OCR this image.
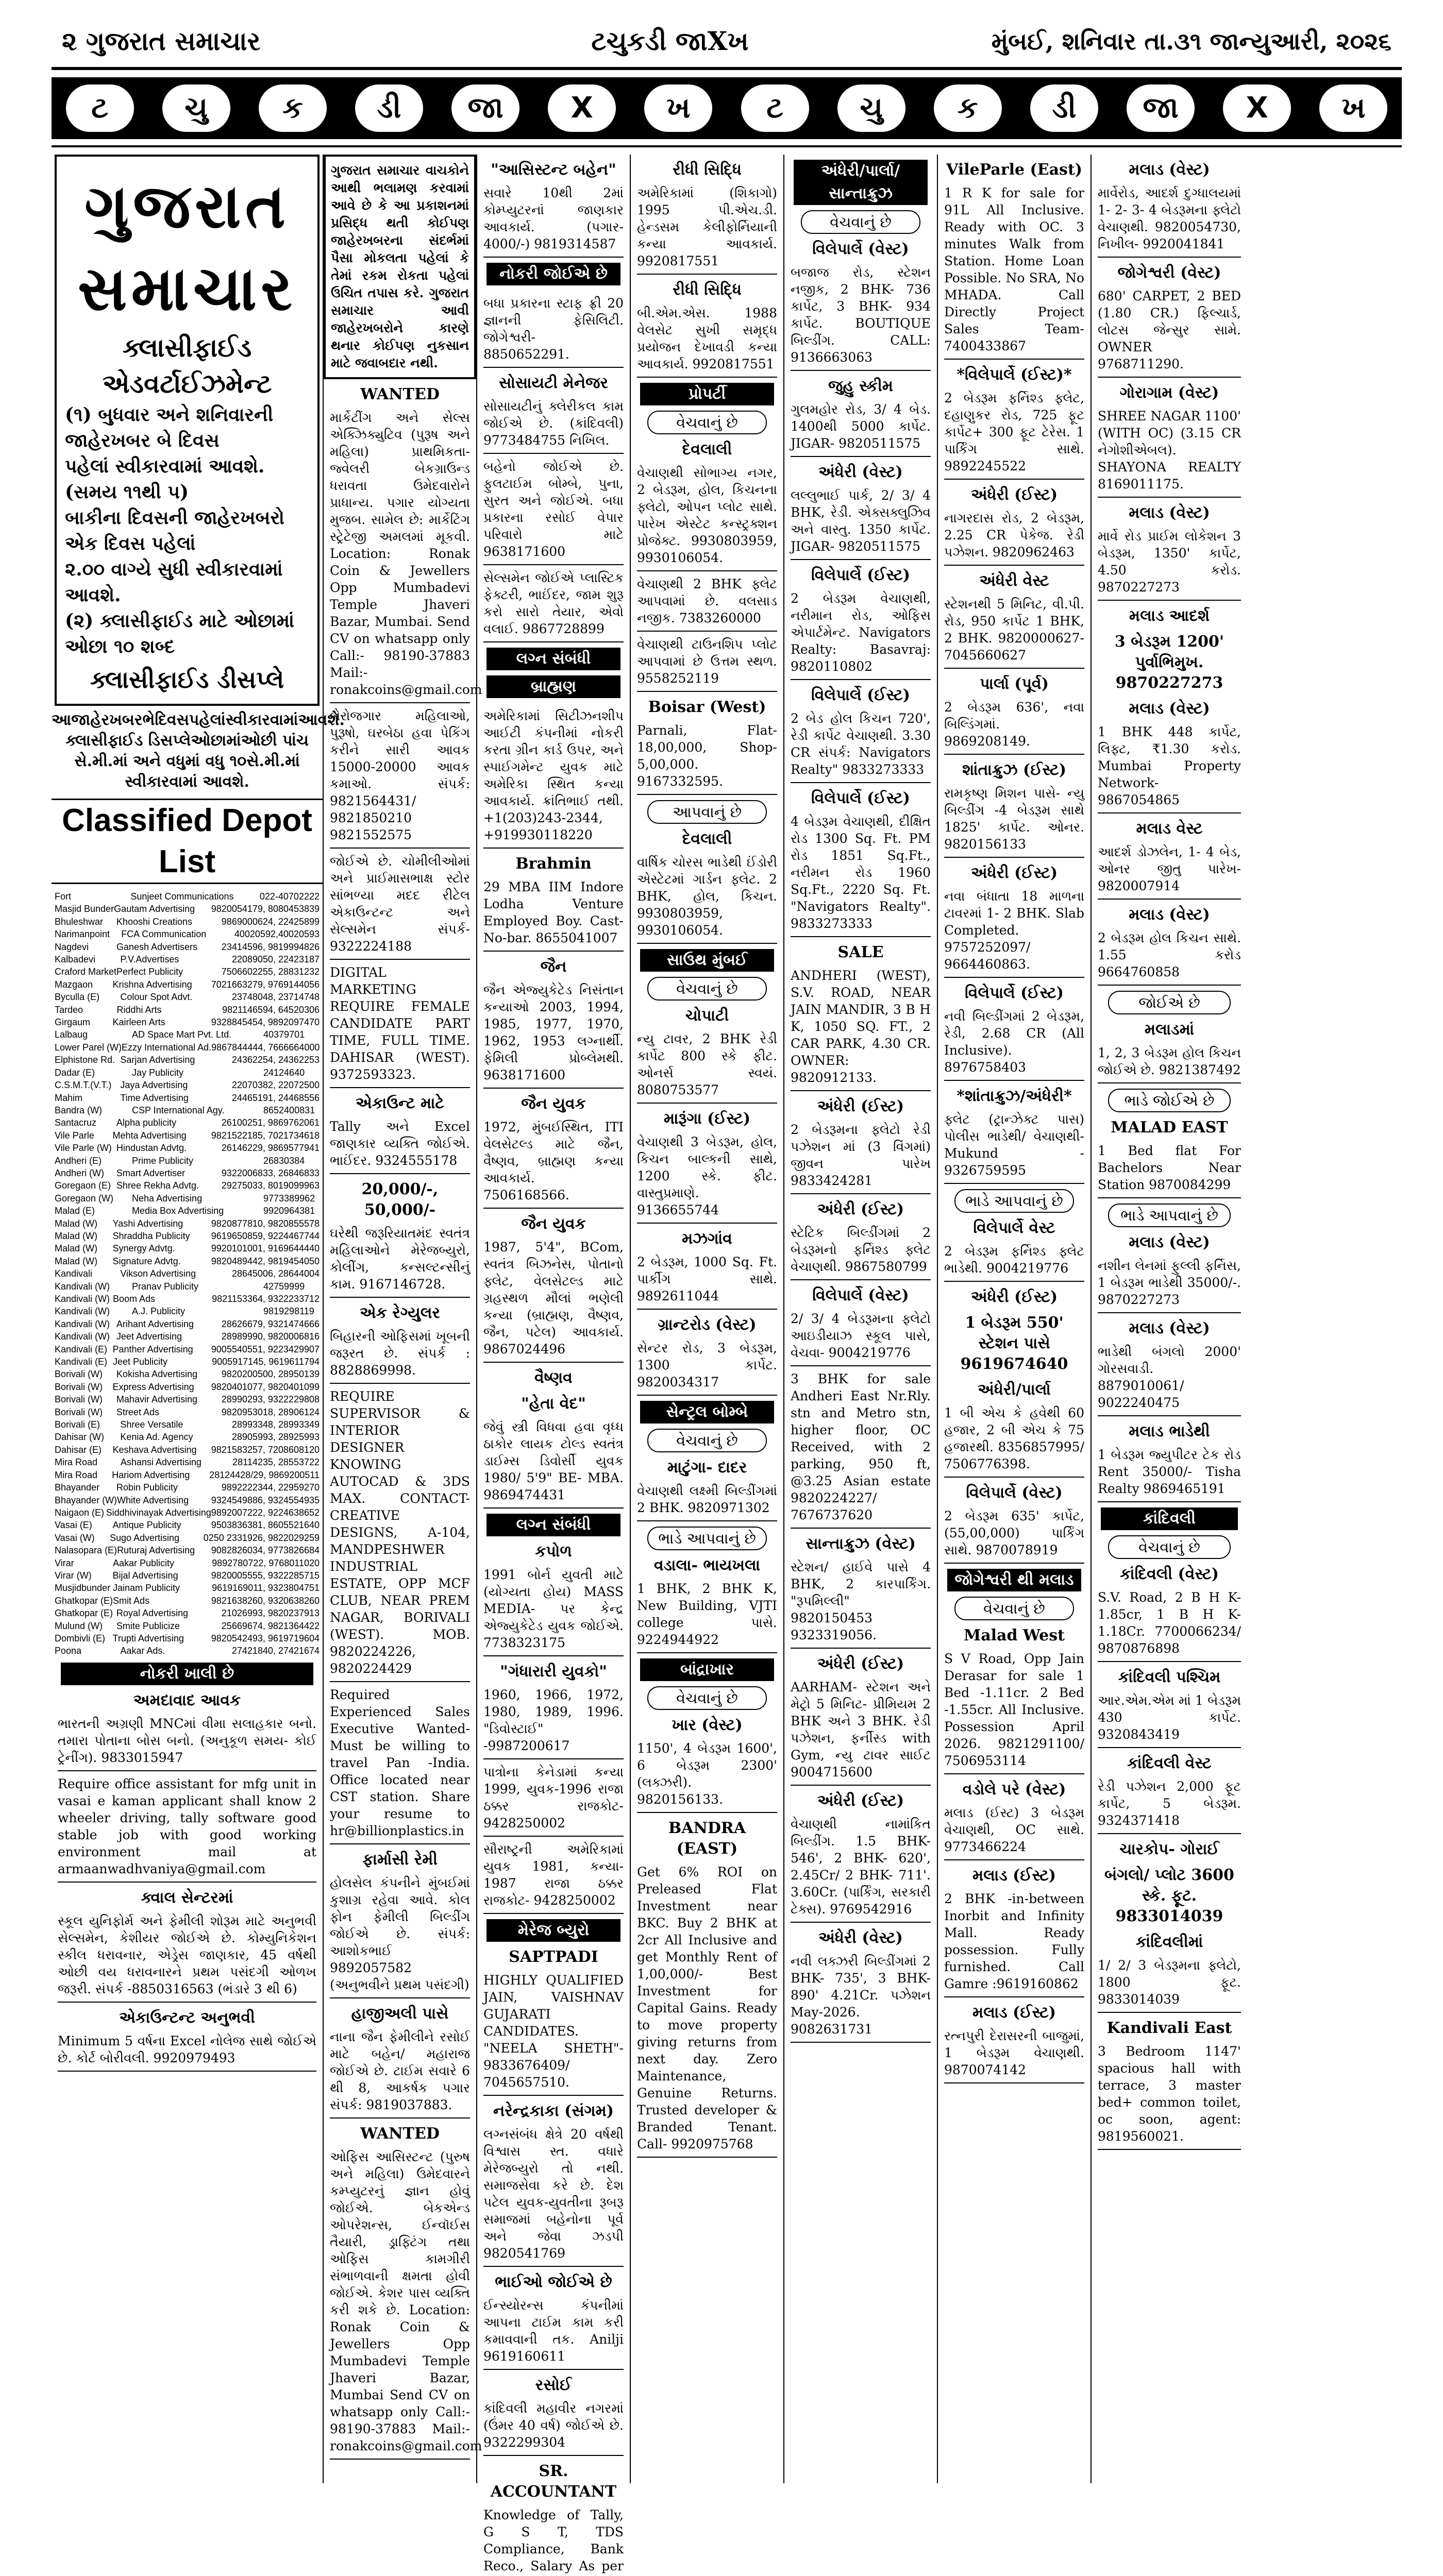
૨ ગુજરાત સમાચાર	ટચુકડી જાXખ	મુંબઈ, શનિવાર તા.૩૧ જાન્યુઆરી, ૨૦૨૬
ટ	ચુ	ક	ડી	જા	X	ખ	ટ	ચુ	ક	ડી	જા	X	ખ
ગુજરાત સમાચાર
ક્લાસીફાઈડ એડવર્ટાઈઝમેન્ટ
(૧) બુધવાર અને શનિવારની જાહેરખબર બે દિવસ
પહેલાં સ્વીકારવામાં આવશે. (સમય ૧૧થી ૫)
બાકીના દિવસની જાહેરખબરો એક દિવસ પહેલાં
૨.૦૦ વાગ્યે સુધી સ્વીકારવામાં આવશે.
(૨) ક્લાસીફાઈડ માટે ઓછામાં ઓછા ૧૦ શબ્દ
ક્લાસીફાઈડ ડીસપ્લે
આજાહેરખબરભેદિવસપહેલાંસ્વીકારવામાંઆવશે. ક્લાસીફાઈડ ડિસપ્લેઓછામાંઓછી પાંચ સે.મી.માં અને વધુમાં વધુ ૧૦સે.મી.માં સ્વીકારવામાં આવશે.
Classified Depot List
Fort	Sunjeet Communications	022-40702222
Masjid Bunder Gautam Advertising	9820054179, 8080453839
Bhuleshwar	Khooshi Creations	9869000624, 22425899
Narimanpoint	FCA Communication	40020592,40020593
Nagdevi	Ganesh Advertisers	23414596, 9819994826
Kalbadevi	P.V.Advertises	22089050, 22423187
Craford Market Perfect Publicity	7506602255, 28831232
Mazgaon	Krishna Advertising	7021663279, 9769144056
Byculla (E)	Colour Spot Advt.	23748048, 23714748
Tardeo	Riddhi Arts	9821146594, 64520306
Girgaum	Kairleen Arts	9328845454, 9892097470
Lalbaug	AD Space Mart Pvt. Ltd.	40379701
Lower Parel (W) Ezzy International Ad. 9867844444, 7666664000
Elphistone Rd. Sarjan Advertising	24362254, 24362253
Dadar (E)	Jay Publicity	24124640
C.S.M.T.(V.T.) Jaya Advertising	22070382, 22072500
Mahim	Time Advertising	24465191, 24468556
Bandra (W)	CSP International Agy.	8652400831
Santacruz	Alpha publicity	26100251, 9869762061
Vile Parle	Mehta Advertising	9821522185, 7021734618
Vile Parle (W) Hindustan Advtg.	26146229, 9869577941
Andheri (E)	Prime Publicity	26830384
Andheri (W)	Smart Advertiser	9322006833, 26846833
Goregaon (E) Shree Rekha Advtg.	29275033, 8019099963
Goregaon (W)	Neha Advertising	9773389962
Malad (E)	Media Box Advertising	9920964381
Malad (W)	Yashi Advertising	9820877810, 9820855578
Malad (W)	Shraddha Publicity	9619650859, 9224467744
Malad (W)	Synergy Advtg.	9920101001, 9169644440
Malad (W)	Signature Advtg.	9820489442, 9819454050
Kandivali	Vikson Advertising	28645006, 28644004
Kandivali (W)	Pranav Publicity	42759999
Kandivali (W) Boom Ads	9821153364, 9322233712
Kandivali (W)	A.J. Publicity	9819298119
Kandivali (W) Arihant Advertising	28626679, 9321474666
Kandivali (W) Jeet Advertising	28989990, 9820006816
Kandivali (E) Panther Advertising	9005540551, 9223429907
Kandivali (E) Jeet Publicity	9005917145, 9619611794
Borivali (W)	Kokisha Advertising	9820200500, 28950139
Borivali (W)	Express Advertising	9820401077, 9820401099
Borivali (W)	Mahavir Advertising	28990293, 9322229808
Borivali (W)	Street Ads	9820953018, 28906124
Borivali (E)	Shree Versatile	28993348, 28993349
Dahisar (W)	Kenia Ad. Agency	28905993, 28925993
Dahisar (E)	Keshava Advertising	9821583257, 7208608120
Mira Road	Ashansi Advertising	28114235, 28553722
Mira Road	Hariom Advertising	28124428/29, 9869200511
Bhayander	Robin Publicity	9892222344, 22959270
Bhayander (W) White Advertising	9324549886, 9324554935
Naigaon (E) Siddhivinayak Advertising 9892007222, 9224638652
Vasai (E)	Antique Publicity	9503836381, 8605521640
Vasai (W)	Sugo Advertising	0250 2331926, 9822029259
Nalasopara (E) Ruturaj Advertising	9082826034, 9773826684
Virar	Aakar Publicity	9892780722, 9768011020
Virar (W)	Bijal Advertising	9820005555, 9322285715
Musjidbunder Jainam Publicity	9619169011, 9323804751
Ghatkopar (E) Smit Ads	9821638260, 9320638260
Ghatkopar (E) Royal Advertising	21026993, 9820237913
Mulund (W)	Smite Publicize	25669674, 9821364422
Dombivli (E) Trupti Advertising	9820542493, 9619719604
Poona	Aakar Ads.	27421840, 27421674
નોકરી ખાલી છે
અમદાવાદ આવક
ભારતની અગ્રણી MNCમાં વીમા સલાહકાર બનો. તમારા પોતાના બોસ બનો. (અનુકૂળ સમય- કોઈ ટ્રેનીંગ). 9833015947
Require office assistant for mfg unit in vasai e kaman applicant shall know 2 wheeler driving, tally software good stable job with good working environment mail at armaanwadhvaniya@gmail.com
ક્વાલ સેન્ટરમાં
સ્કૂલ યુનિફોર્મ અને ફેમીલી શોરૂમ માટે અનુભવી સેલ્સમેન, કેશીયર જોઈએ છે. કોમ્યુનિકેશન સ્કીલ ધરાવનાર, એડ્રેસ જાણકાર, 45 વર્ષથી ઓછી વય ધરાવનારને પ્રથમ પસંદગી ઓળખ જરૂરી. સંપર્ક -8850316563 (ભંડારે 3 થી 6)
એકાઉન્ટન્ટ અનુભવી
Minimum 5 વર્ષના Excel નોલેજ સાથે જોઈએ છે. કોર્ટ બોરીવલી. 9920979493
ગુજરાત સમાચાર વાચકોને આથી ભલામણ કરવામાં આવે છે કે આ પ્રકાશનમાં પ્રસિદ્ધ થતી કોઈપણ જાહેરખબરના સંદર્ભમાં પૈસા મોકલતા પહેલાં કે તેમાં રકમ રોકતા પહેલાં ઉચિત તપાસ કરે. ગુજરાત સમાચાર આવી જાહેરખબરોને કારણે થનાર કોઈપણ નુકસાન માટે જવાબદાર નથી.
WANTED
માર્કેટીંગ અને સેલ્સ એક્ઝિક્યુટિવ (પુરૂષ અને મહિલા) પ્રાથમિકતા-જ્વેલરી બેકગ્રાઉન્ડ ધરાવતા ઉમેદવારોને પ્રાધાન્ય. પગાર યોગ્યતા મુજબ. સામેલ છે: માર્કેટિંગ સ્ટ્રેટેજી અમલમાં મૂકવી. Location: Ronak Coin & Jewellers Opp Mumbadevi Temple Jhaveri Bazar, Mumbai. Send CV on whatsapp only Call:- 98190-37883 Mail:- ronakcoins@gmail.com
બેરોજગાર મહિલાઓ, પુરૂષો, ઘરબેઠા હવા પેકિંગ કરીને સારી આવક 15000-20000 આવક કમાઓ. સંપર્ક: 9821564431/ 9821850210 9821552575
જોઈએ છે. ચોમીલીઓમાં અને પ્રાઈમાસભાક્ષ સ્ટોર સાંભળ્યા મદદ રીટેલ એકાઉન્ટન્ટ અને સેલ્સમેન સંપર્ક- 9322224188
DIGITAL MARKETING REQUIRE FEMALE CANDIDATE PART TIME, FULL TIME. DAHISAR (WEST). 9372593323.
એકાઉન્ટ માટે
Tally અને Excel જાણકાર વ્યક્તિ જોઈએ. ભાઈંદર. 9324555178
20,000/-, 50,000/-
ઘરેથી જરૂરિયાતમંદ સ્વતંત્ર મહિલાઓને મેરેજબ્યુરો, કોલીંગ, કન્સલ્ટન્સીનું કામ. 9167146728.
એક રેગ્યુલર
બિહારની ઓફિસમાં ખૂબની જરૂરત છે. સંપર્ક : 8828869998.
REQUIRE SUPERVISOR & INTERIOR DESIGNER KNOWING AUTOCAD & 3DS MAX. CONTACT- CREATIVE DESIGNS, A-104, MANDPESHWER INDUSTRIAL ESTATE, OPP MCF CLUB, NEAR PREM NAGAR, BORIVALI (WEST). MOB. 9820224226, 9820224429
Required Experienced Sales Executive Wanted- Must be willing to travel Pan -India. Office located near CST station. Share your resume to hr@billionplastics.in
ફાર્માસી રેમી
હોલસેલ કંપનીને મુંબઈમાં કુશાગ્ર રહેવા આવે. કોલ ફોન ફેમીલી બિલ્ડીંગ જોઈએ છે. સંપર્ક: આશોકભાઈ 9892057582 (અનુભવીને પ્રથમ પસંદગી)
હાજીઅલી પાસે
નાના જૈન ફેમીલીને રસોઈ માટે બહેન/ મહારાજ જોઈએ છે. ટાઈમ સવારે 6 થી 8, આકર્ષક પગાર સંપર્ક: 9819037883.
WANTED
ઓફિસ આસિસ્ટન્ટ (પુરુષ અને મહિલા) ઉમેદવારને કમ્પ્યુટરનું જ્ઞાન હોવું જોઈએ. બેકએન્ડ ઓપરેશન્સ, ઈન્વૉઈસ તૈયારી, ડ્રાફ્ટિંગ તથા ઓફિસ કામગીરી સંભાળવાની ક્ષમતા હોવી જોઈએ. કેશર પાસ વ્યક્તિ કરી શકે છે. Location: Ronak Coin & Jewellers Opp Mumbadevi Temple Jhaveri Bazar, Mumbai Send CV on whatsapp only Call:- 98190-37883 Mail:- ronakcoins@gmail.com
"આસિસ્ટન્ટ બહેન"
સવારે 10થી 2માં કોમ્પ્યુટરનાં જાણકાર આવકાર્ય. (પગાર- 4000/-) 9819314587
નોકરી જોઈએ છે
બધા પ્રકારના સ્ટાફ ફ્રી 20 જ્ઞાનની ફેસિલિટી. જોગેશ્વરી- 8850652291.
સોસાયટી મેનેજર
સોસાયટીનું ક્લેરીકલ કામ જોઈએ છે. (કાંદિવલી) 9773484755 નિખિલ.
બહેનો જોઈએ છે. ફુલટાઈમ બોમ્બે, પુના, સુરત અને જોઈએ. બધા પ્રકારના રસોઈ વેપાર પરિવારો માટે 9638171600
સેલ્સમેન જોઈએ પ્લાસ્ટિક ફેક્ટરી, ભાઈંદર, જામ શુરૂ કરો સારો તેયાર, એવો વલાઈ. 9867728899
લગ્ન સંબંધી
બ્રાહ્મણ
અમેરિકામાં સિટીઝનશીપ આઈટી કંપનીમાં નોકરી કરતા ગ્રીન કાર્ડ ઉપર, અને સ્પાઈગમેન્ટ યુવક માટે અમેરિકા સ્થિત કન્યા આવકાર્ય. ક્રાંતિભાઈ તથી. +1(203)243-2344, +919930118220
Brahmin
29 MBA IIM Indore Lodha Venture Employed Boy. Cast-No-bar. 8655041007
જૈન
જૈન એજ્યુકેટેડ નિસંતાન કન્યાઓ 2003, 1994, 1985, 1977, 1970, 1962, 1953 લગ્નાર્થી. ફેમિલી પ્રોબ્લેમથી. 9638171600
જૈન યુવક
1972, મુંબઈસ્થિત, ITI વેલસેટલ્ડ માટે જૈન, વૈષ્ણવ, બ્રાહ્મણ કન્યા આવકાર્ય. 7506168566.
જૈન યુવક
1987, 5'4", BCom, સ્વતંત્ર બિઝનેસ, પોતાનો ફ્લેટ, વેલસેટલ્ડ માટે ગ્રહસ્થળ મૌલાં ભણેલી કન્યા (બ્રાહ્મણ, વૈષ્ણવ, જૈન, પટેલ) આવકાર્ય. 9867024496
વૈષ્ણવ
"હેતા વેદ"
જેવું સ્ત્રી વિધવા હવા વૃધ્ધ ઠાકોર લાયક ટોલ્ડ સ્વતંત્ર ડાઈમ્સ ડિવોર્સી યુવક 1980/ 5'9" BE- MBA. 9869474431
લગ્ન સંબંધી
કપોળ
1991 બોર્ન યુવતી માટે (યોગ્યતા હોય) MASS MEDIA- પર કેન્દ્ર એજ્યુકેટેડ યુવક જોઈએ. 7738323175
"ગંધારારી યુવકો"
1960, 1966, 1972, 1980, 1989, 1996. "ડિવોસ્ટાઈ" -9987200617
પાત્રોના કેનેડામાં કન્યા 1999, યુવક-1996 રાજા ઠક્કર રાજકોટ- 9428250002
સૌરાષ્ટ્રની અમેરિકામાં યુવક 1981, કન્યા- 1987 રાજા ઠક્કર રાજકોટ- 9428250002
મેરેજ બ્યુરો
SAPTPADI
HIGHLY QUALIFIED JAIN, VAISHNAV GUJARATI CANDIDATES. "NEELA SHETH"- 9833676409/ 7045657510.
નરેન્દ્રકાકા (સંગમ)
લગ્નસંબંધ ક્ષેત્રે 20 વર્ષથી વિશ્વાસ સ્ત. વધારે મેરેજબ્યુરો તો નથી. સમાજસેવા કરે છે. દેશ પટેલ યુવક-યુવતીના રૂબરૂ સમાજમાં બહેનોના પૂર્વ અને જેવા ઝડપી 9820541769
ભાઈઓ જોઈએ છે
ઈન્સ્યોરન્સ કંપનીમાં આપના ટાઈમ કામ કરી કમાવવાની તક. Anilji 9619160611
રસોઈ
કાંદિવલી મહાવીર નગરમાં (ઉંમર 40 વર્ષ) જોઈએ છે. 9322299304
SR. ACCOUNTANT
Knowledge of Tally, G S T, TDS Compliance, Bank Reco., Salary As per
રીધી સિદ્ધિ
અમેરિકામાં (શિકાગો) 1995 પી.એચ.ડી. હેન્ડસમ કેલીફોર્નિયાની કન્યા આવકાર્ય. 9920817551
રીધી સિદ્ધિ
બી.એમ.એસ. 1988 વેલસેટ સુખી સમૃદ્ધ પ્રયોજન દેખાવડી કન્યા આવકાર્ય. 9920817551
પ્રોપર્ટી
વેચવાનું છે
દેવલાલી
વેચાણથી સોભાગ્ય નગર, 2 બેડરૂમ, હોલ, કિચનના ફ્લેટો, ઓપન પ્લોટ સાથે. પારેખ એસ્ટેટ કન્સ્ટ્રક્શન પ્રોજેક્ટ. 9930803959, 9930106054.
વેચાણથી 2 BHK ફ્લેટ આપવામાં છે. વલસાડ નજીક. 7383260000
વેચાણથી ટાઉનશિપ પ્લોટ આપવામાં છે ઉત્તમ સ્થળ. 9558252119
Boisar (West)
Parnali, Flat- 18,00,000, Shop- 5,00,000. 9167332595.
આપવાનું છે
દેવલાલી
વાર્ષિક ચોરસ ભાડેથી ઈંડોરી એસ્ટેટમાં ગાર્ડન ફ્લેટ. 2 BHK, હોલ, કિચન. 9930803959, 9930106054.
સાઉથ મુંબઈ
વેચવાનું છે
ચોપાટી
ન્યુ ટાવર, 2 BHK રેડી કાર્પેટ 800 સ્કે ફીટ. ઓનર્સ સ્વયં. 8080753577
મારૂંગા (ઈસ્ટ)
વેચાણથી 3 બેડરૂમ, હોલ, કિચન બાલ્કની સાથે, 1200 સ્કે. ફીટ. વાસ્તુપ્રમાણે. 9136655744
મઝગાંવ
2 બેડરૂમ, 1000 Sq. Ft. પાર્કીગ સાથે. 9892611044
ગ્રાન્ટરોડ (વેસ્ટ)
સેન્ટર રોડ, 3 બેડરૂમ, 1300 કાર્પેટ. 9820034317
સેન્ટ્રલ બોમ્બે
વેચવાનું છે
માટુંગા- દાદર
વેચાણથી લક્ષ્મી બિલ્ડીંગમાં 2 BHK. 9820971302
ભાડે આપવાનું છે
વડાલા- ભાયખલા
1 BHK, 2 BHK K, New Building, VJTI college પાસે. 9224944922
બાંદ્રાખાર
વેચવાનું છે
ખાર (વેસ્ટ)
1150', 4 બેડરૂમ 1600', 6 બેડરૂમ 2300' (લક્ઝરી). 9820156133.
BANDRA (EAST)
Get 6% ROI on Preleased Flat Investment near BKC. Buy 2 BHK at 2cr All Inclusive and get Monthly Rent of 1,00,000/- Best Investment for Capital Gains. Ready to move property giving returns from next day. Zero Maintenance, Genuine Returns. Trusted developer & Branded Tenant. Call- 9920975768
અંધેરી/પાર્લા/સાન્તાક્રુઝ
વેચવાનું છે
વિલેપાર્લે (વેસ્ટ)
બજાજ રોડ, સ્ટેશન નજીક, 2 BHK- 736 કાર્પેટ, 3 BHK- 934 કાર્પેટ. BOUTIQUE બિલ્ડીંગ. CALL: 9136663063
જુહુ સ્કીમ
ગુલમહોર રોડ, 3/ 4 બેડ. 1400થી 5000 કાર્પેટ. JIGAR- 9820511575
અંધેરી (વેસ્ટ)
લલ્લુભાઈ પાર્ક, 2/ 3/ 4 BHK, રેડી. એક્સક્લુઝિવ અને વાસ્તુ. 1350 કાર્પેટ. JIGAR- 9820511575
વિલેપાર્લે (ઈસ્ટ)
2 બેડરૂમ વેચાણથી, નરીમાન રોડ, ઓફિસ એપાર્ટમેન્ટ. Navigators Realty: Basavraj: 9820110802
વિલેપાર્લે (ઈસ્ટ)
2 બેડ હોલ કિચન 720', રેડી કાર્પેટ વેચાણથી. 3.30 CR સંપર્ક: Navigators Realty" 9833273333
વિલેપાર્લે (ઈસ્ટ)
4 બેડરૂમ વેચાણથી, દીક્ષિત રોડ 1300 Sq. Ft. PM રોડ 1851 Sq.Ft., નરીમન રોડ 1960 Sq.Ft., 2220 Sq. Ft. "Navigators Realty". 9833273333
SALE
ANDHERI (WEST), S.V. ROAD, NEAR JAIN MANDIR, 3 B H K, 1050 SQ. FT., 2 CAR PARK, 4.30 CR. OWNER: 9820912133.
અંધેરી (ઈસ્ટ)
2 બેડરૂમના ફ્લેટો રેડી પઝેશન માં (3 વિંગમાં) જીવન પારેખ 9833424281
અંધેરી (ઈસ્ટ)
સ્ટેટિક બિલ્ડીંગમાં 2 બેડરૂમનો ફર્નિશ્ડ ફ્લેટ વેચાણથી. 9867580799
વિલેપાર્લે (વેસ્ટ)
2/ 3/ 4 બેડરૂમના ફ્લેટો આઇડીયાઝ સ્કૂલ પાસે, વેચવા- 9004219776
3 BHK for sale Andheri East Nr.Rly. stn and Metro stn, higher floor, OC Received, with 2 parking, 950 ft, @3.25 Asian estate 9820224227/ 7676737620
સાન્તાક્રુઝ (વેસ્ટ)
સ્ટેશન/ હાઈવે પાસે 4 BHK, 2 કારપાર્કિંગ. "રૂપમિલ્લી" 9820150453 9323319056.
અંધેરી (ઈસ્ટ)
AARHAM- સ્ટેશન અને મેટ્રો 5 મિનિટ- પ્રીમિયમ 2 BHK અને 3 BHK. રેડી પઝેશન, ફર્નીસ્ડ with Gym, ન્યુ ટાવર સાઈટ 9004715600
અંધેરી (ઈસ્ટ)
વેચાણથી નામાંકિત બિલ્ડીંગ. 1.5 BHK- 546', 2 BHK- 620', 2.45Cr/ 2 BHK- 711'. 3.60Cr. (પાર્કિંગ, સરકારી ટેક્સ). 9769542916
અંધેરી (વેસ્ટ)
નવી લક્ઝરી બિલ્ડીંગમાં 2 BHK- 735', 3 BHK- 890' 4.21Cr. પઝેશન May-2026. 9082631731
VileParle (East)
1 R K for sale for 91L All Inclusive. Ready with OC. 3 minutes Walk from Station. Home Loan Possible. No SRA, No MHADA. Call Directly Project Sales Team- 7400433867
*વિલેપાર્લે (ઈસ્ટ)*
2 બેડરૂમ ફર્નિશ્ડ ફ્લેટ, દહાણુકર રોડ, 725 ફૂટ કાર્પેટ+ 300 ફૂટ ટેરેસ. 1 પાર્કિંગ સાથે. 9892245522
અંધેરી (ઈસ્ટ)
નાગરદાસ રોડ, 2 બેડરૂમ, 2.25 CR પેકેજ. રેડી પઝેશન. 9820962463
અંધેરી વેસ્ટ
સ્ટેશનથી 5 મિનિટ, વી.પી. રોડ, 950 કાર્પેટ 1 BHK, 2 BHK. 9820000627- 7045660627
પાર્લા (પૂર્વ)
2 બેડરૂમ 636', નવા બિલ્ડિંગમાં. 9869208149.
શાંતાક્રુઝ (ઈસ્ટ)
રામકૃષ્ણ મિશન પાસે- ન્યુ બિલ્ડીંગ -4 બેડરૂમ સાથે 1825' કાર્પેટ. ઓનર. 9820156133
અંધેરી (ઈસ્ટ)
નવા બંધાતા 18 માળના ટાવરમાં 1- 2 BHK. Slab Completed. 9757252097/ 9664460863.
વિલેપાર્લે (ઈસ્ટ)
નવી બિલ્ડીંગમાં 2 બેડરૂમ, રેડી, 2.68 CR (All Inclusive). 8976758403
*શાંતાક્રુઝ/અંધેરી*
ફ્લેટ (ટ્રાન્ઝેક્ટ પાસ) પોલીસ ભાડેથી/ વેચાણથી- Mukund - 9326759595
ભાડે આપવાનું છે
વિલેપાર્લે વેસ્ટ
2 બેડરૂમ ફર્નિશ્ડ ફ્લેટ ભાડેથી. 9004219776
અંધેરી (ઈસ્ટ)
1 બેડરૂમ 550' સ્ટેશન પાસે 9619674640
અંધેરી/પાર્લા
1 બી એચ કે હવેથી 60 હજાર, 2 બી એચ કે 75 હજારથી. 8356857995/ 7506776398.
વિલેપાર્લે (વેસ્ટ)
2 બેડરૂમ 635' કાર્પેટ, (55,00,000) પાર્કિંગ સાથે. 9870078919
જોગેશ્વરી થી મલાડ
વેચવાનું છે
Malad West
S V Road, Opp Jain Derasar for sale 1 Bed -1.11cr. 2 Bed -1.55cr. All Inclusive. Possession April 2026. 9821291100/ 7506953114
વડોલે પરે (વેસ્ટ)
મલાડ (ઈસ્ટ) 3 બેડરૂમ વેચાણથી, OC સાથે. 9773466224
મલાડ (ઈસ્ટ)
2 BHK -in-between Inorbit and Infinity Mall. Ready possession. Fully furnished. Call Gamre :9619160862
મલાડ (ઈસ્ટ)
રત્નપુરી દેરાસરની બાજુમાં, 1 બેડરૂમ વેચાણથી. 9870074142
મલાડ (વેસ્ટ)
માર્વેરોડ, આદર્શ દુગ્ધાલયમાં 1- 2- 3- 4 બેડરૂમના ફ્લેટો વેચાણથી. 9820054730, નિખીલ- 9920041841
જોગેશ્વરી (વેસ્ટ)
680' CARPET, 2 BED (1.80 CR.) ફિલ્ચાર્ડ, લોટસ જેન્સુર સામે. OWNER 9768711290.
ગોરાગામ (વેસ્ટ)
SHREE NAGAR 1100' (WITH OC) (3.15 CR નેગોશીએબલ). SHAYONA REALTY 8169011175.
મલાડ (વેસ્ટ)
માર્વે રોડ પ્રાઈમ લોકેશન 3 બેડરૂમ, 1350' કાર્પેટ, 4.50 કરોડ. 9870227273
મલાડ આદર્શ
3 બેડરૂમ 1200' પુર્વાભિમુખ. 9870227273
મલાડ (વેસ્ટ)
1 BHK 448 કાર્પેટ, લિફ્ટ, ₹1.30 કરોડ. Mumbai Property Network- 9867054865
મલાડ વેસ્ટ
આદર્શ ડોઝલેન, 1- 4 બેડ, ઓનર જીતુ પારેખ- 9820007914
મલાડ (વેસ્ટ)
2 બેડરૂમ હોલ કિચન સાથે. 1.55 કરોડ 9664760858
જોઈએ છે
મલાડમાં
1, 2, 3 બેડરૂમ હોલ કિચન જોઈએ છે. 9821387492
ભાડે જોઈએ છે
MALAD EAST
1 Bed flat For Bachelors Near Station 9870084299
ભાડે આપવાનું છે
મલાડ (વેસ્ટ)
નશીન લેનમાં ફુલ્લી ફર્નિસ, 1 બેડરૂમ ભાડેથી 35000/-. 9870227273
મલાડ (વેસ્ટ)
ભાડેથી બંગલો 2000' ગોરસવાડી. 8879010061/ 9022240475
મલાડ ભાડેથી
1 બેડરૂમ જ્યુપીટર ટેક રોડ Rent 35000/- Tisha Realty 9869465191
કાંદિવલી
વેચવાનું છે
કાંદિવલી (વેસ્ટ)
S.V. Road, 2 B H K-1.85cr, 1 B H K-1.18Cr. 7700066234/ 9870876898
કાંદિવલી પશ્ચિમ
આર.એમ.એમ માં 1 બેડરૂમ 430 કાર્પેટ. 9320843419
કાંદિવલી વેસ્ટ
રેડી પઝેશન 2,000 ફૂટ કાર્પેટ, 5 બેડરૂમ. 9324371418
ચારકોપ- ગોરાઈ
બંગલો/ પ્લોટ 3600 સ્કે. ફૂટ. 9833014039
કાંદિવલીમાં
1/ 2/ 3 બેડરૂમના ફ્લેટો, 1800 ફૂટ. 9833014039
Kandivali East
3 Bedroom 1147' spacious hall with terrace, 3 master bed+ common toilet, oc soon, agent: 9819560021.
